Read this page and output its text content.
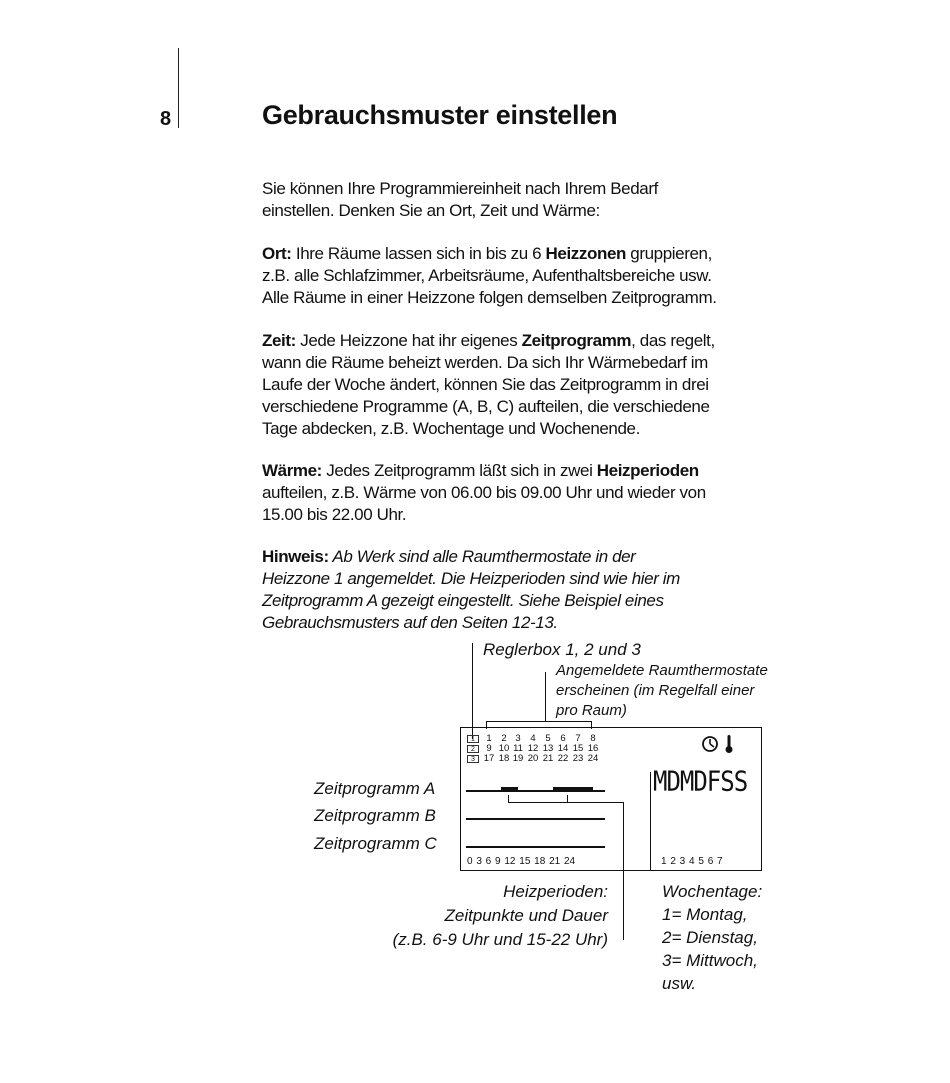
8	Gebrauchsmuster einstellen

Sie können Ihre Programmiereinheit nach Ihrem Bedarf
einstellen. Denken Sie an Ort, Zeit und Wärme:

Ort: Ihre Räume lassen sich in bis zu 6 Heizzonen gruppieren,
z.B. alle Schlafzimmer, Arbeitsräume, Aufenthaltsbereiche usw.
Alle Räume in einer Heizzone folgen demselben Zeitprogramm.

Zeit: Jede Heizzone hat ihr eigenes Zeitprogramm, das regelt,
wann die Räume beheizt werden. Da sich Ihr Wärmebedarf im
Laufe der Woche ändert, können Sie das Zeitprogramm in drei
verschiedene Programme (A, B, C) aufteilen, die verschiedene
Tage abdecken, z.B. Wochentage und Wochenende.

Wärme: Jedes Zeitprogramm läßt sich in zwei Heizperioden
aufteilen, z.B. Wärme von 06.00 bis 09.00 Uhr und wieder von
15.00 bis 22.00 Uhr.

Hinweis: Ab Werk sind alle Raumthermostate in der
Heizzone 1 angemeldet. Die Heizperioden sind wie hier im
Zeitprogramm A gezeigt eingestellt. Siehe Beispiel eines
Gebrauchsmusters auf den Seiten 12-13.

Reglerbox 1, 2 und 3
Angemeldete Raumthermostate
erscheinen (im Regelfall einer
pro Raum)
1
2
3
1	2 3	4	5	6	7	8
9 10 11 12 13 14 15 16
17 18 19 20 21 22 23 24
0 3 6 9 12 15 18 21 24	1 2 3 4 5 6 7
MDMDFSS
Zeitprogramm A
Zeitprogramm B
Zeitprogramm C
Heizperioden:
Zeitpunkte und Dauer
(z.B. 6-9 Uhr und 15-22 Uhr)
Wochentage:
1= Montag,
2= Dienstag,
3= Mittwoch,
usw.
